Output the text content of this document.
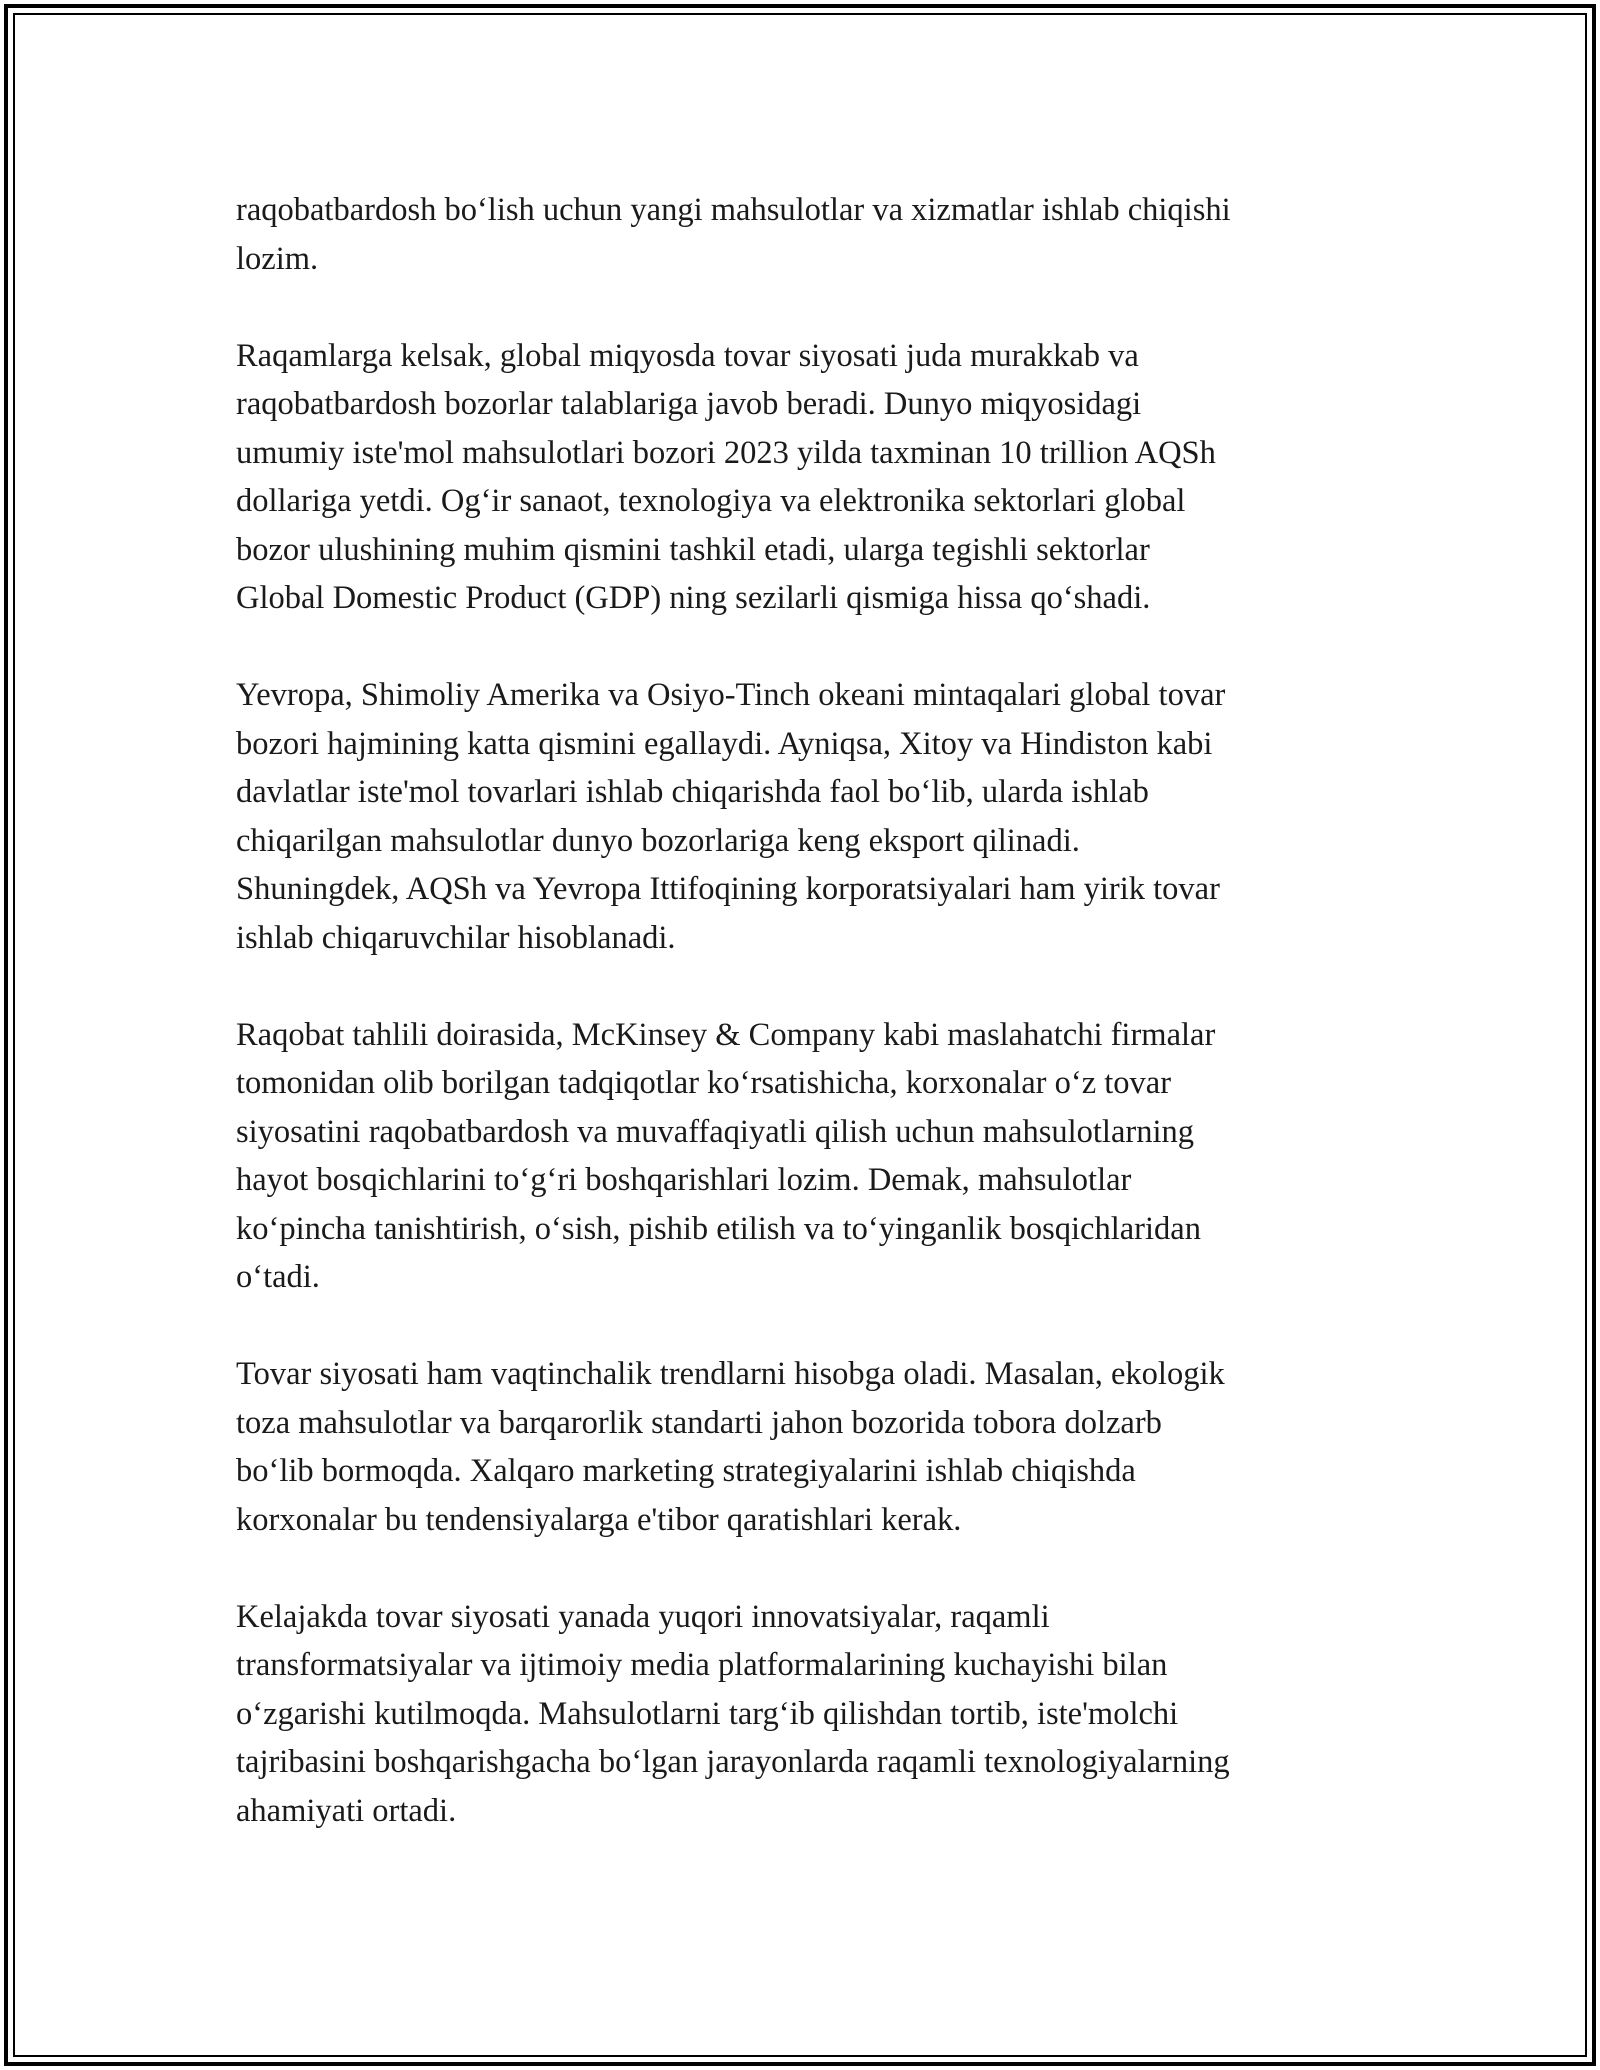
raqobatbardosh bo‘lish uchun yangi mahsulotlar va xizmatlar ishlab chiqishi
lozim.

Raqamlarga kelsak, global miqyosda tovar siyosati juda murakkab va
raqobatbardosh bozorlar talablariga javob beradi. Dunyo miqyosidagi
umumiy iste'mol mahsulotlari bozori 2023 yilda taxminan 10 trillion AQSh
dollariga yetdi. Og‘ir sanaot, texnologiya va elektronika sektorlari global
bozor ulushining muhim qismini tashkil etadi, ularga tegishli sektorlar
Global Domestic Product (GDP) ning sezilarli qismiga hissa qo‘shadi.

Yevropa, Shimoliy Amerika va Osiyo-Tinch okeani mintaqalari global tovar
bozori hajmining katta qismini egallaydi. Ayniqsa, Xitoy va Hindiston kabi
davlatlar iste'mol tovarlari ishlab chiqarishda faol bo‘lib, ularda ishlab
chiqarilgan mahsulotlar dunyo bozorlariga keng eksport qilinadi.
Shuningdek, AQSh va Yevropa Ittifoqining korporatsiyalari ham yirik tovar
ishlab chiqaruvchilar hisoblanadi.

Raqobat tahlili doirasida, McKinsey & Company kabi maslahatchi firmalar
tomonidan olib borilgan tadqiqotlar ko‘rsatishicha, korxonalar o‘z tovar
siyosatini raqobatbardosh va muvaffaqiyatli qilish uchun mahsulotlarning
hayot bosqichlarini to‘g‘ri boshqarishlari lozim. Demak, mahsulotlar
ko‘pincha tanishtirish, o‘sish, pishib etilish va to‘yinganlik bosqichlaridan
o‘tadi.

Tovar siyosati ham vaqtinchalik trendlarni hisobga oladi. Masalan, ekologik
toza mahsulotlar va barqarorlik standarti jahon bozorida tobora dolzarb
bo‘lib bormoqda. Xalqaro marketing strategiyalarini ishlab chiqishda
korxonalar bu tendensiyalarga e'tibor qaratishlari kerak.

Kelajakda tovar siyosati yanada yuqori innovatsiyalar, raqamli
transformatsiyalar va ijtimoiy media platformalarining kuchayishi bilan
o‘zgarishi kutilmoqda. Mahsulotlarni targ‘ib qilishdan tortib, iste'molchi
tajribasini boshqarishgacha bo‘lgan jarayonlarda raqamli texnologiyalarning
ahamiyati ortadi.
